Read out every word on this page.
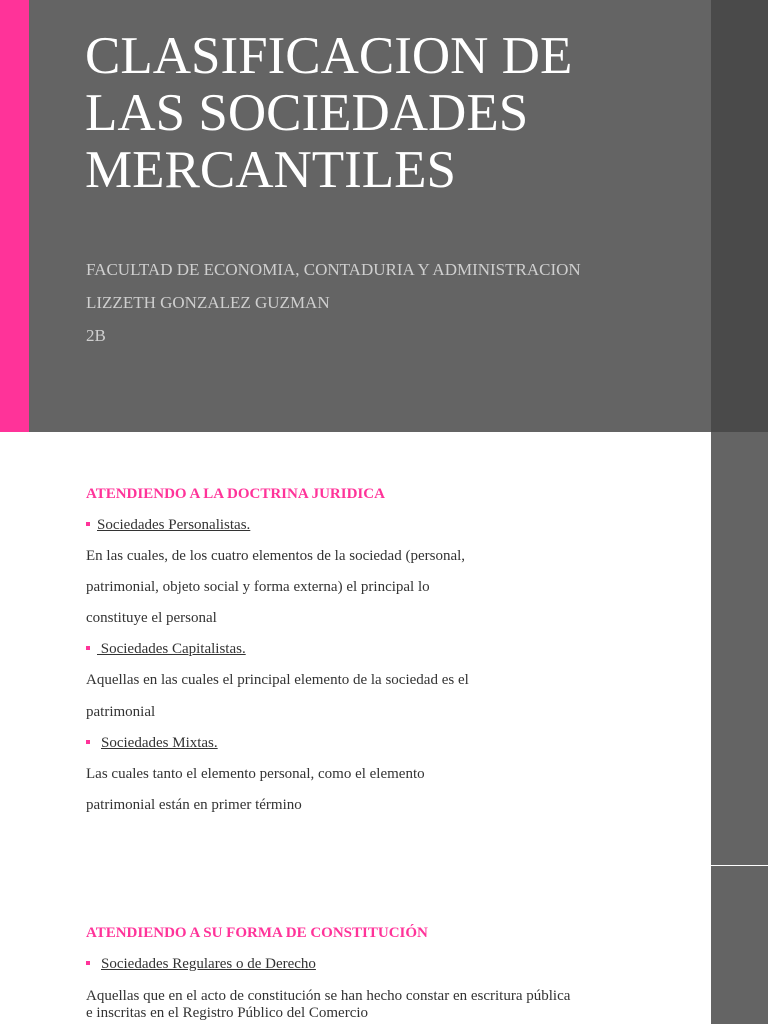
CLASIFICACION DE
LAS SOCIEDADES
MERCANTILES
FACULTAD DE ECONOMIA, CONTADURIA Y ADMINISTRACION
LIZZETH GONZALEZ GUZMAN
2B
ATENDIENDO A LA DOCTRINA JURIDICA
Sociedades Personalistas.
En las cuales, de los cuatro elementos de la sociedad (personal,
patrimonial, objeto social y forma externa) el principal lo
constituye el personal
Sociedades Capitalistas.
Aquellas en las cuales el principal elemento de la sociedad es el
patrimonial
Sociedades Mixtas.
Las cuales tanto el elemento personal, como el elemento
patrimonial están en primer término
ATENDIENDO A SU FORMA DE CONSTITUCIÓN
Sociedades Regulares o de Derecho
Aquellas que en el acto de constitución se han hecho constar en escritura pública
e inscritas en el Registro Público del Comercio
